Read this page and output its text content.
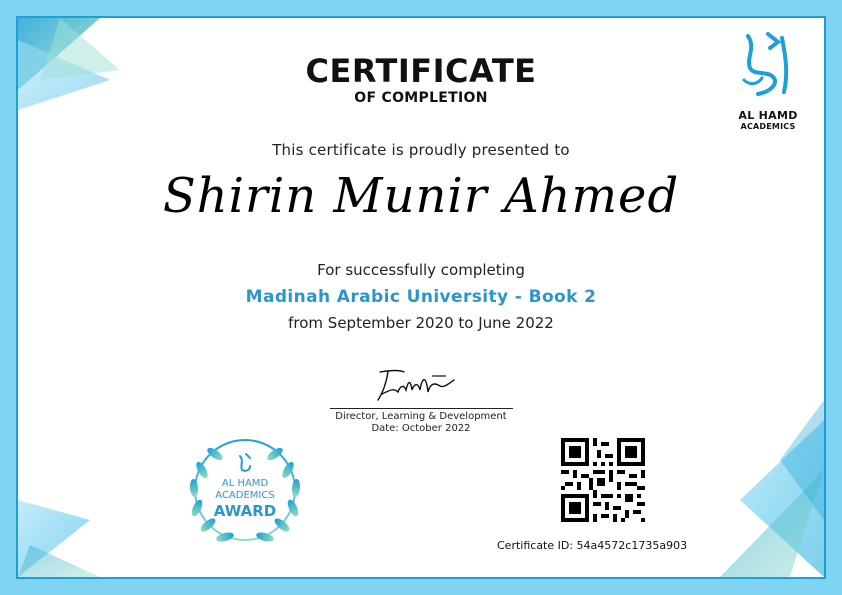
AL HAMD
ACADEMICS
CERTIFICATE
OF COMPLETION
This certificate is proudly presented to
Shirin Munir Ahmed
For successfully completing
Madinah Arabic University - Book 2
from September 2020 to June 2022
Director, Learning & Development
Date: October 2022
AL HAMD
ACADEMICS
AWARD
Certificate ID: 54a4572c1735a903
